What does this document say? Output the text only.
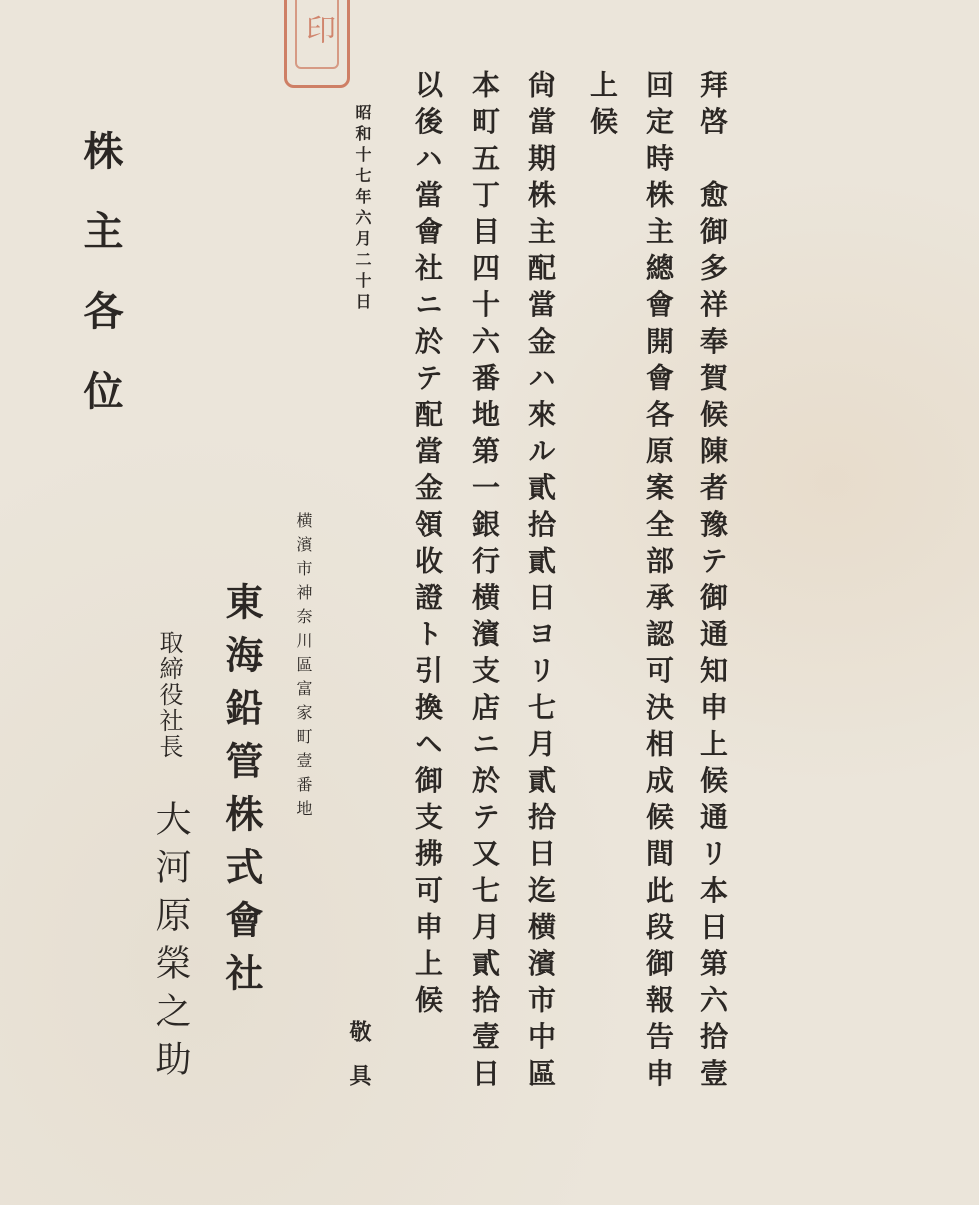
印
拜啓　愈御多祥奉賀候陳者豫テ御通知申上候通リ本日第六拾壹
回定時株主總會開會各原案全部承認可決相成候間此段御報告申
上候
尙當期株主配當金ハ來ル貳拾貳日ヨリ七月貳拾日迄横濱市中區
本町五丁目四十六番地第一銀行横濱支店ニ於テ又七月貳拾壹日
以後ハ當會社ニ於テ配當金領收證ト引換ヘ御支拂可申上候
敬具
昭和十七年六月二十日
横濱市神奈川區富家町壹番地
東海鉛管株式會社
取締役社長
大河原榮之助
株主各位
